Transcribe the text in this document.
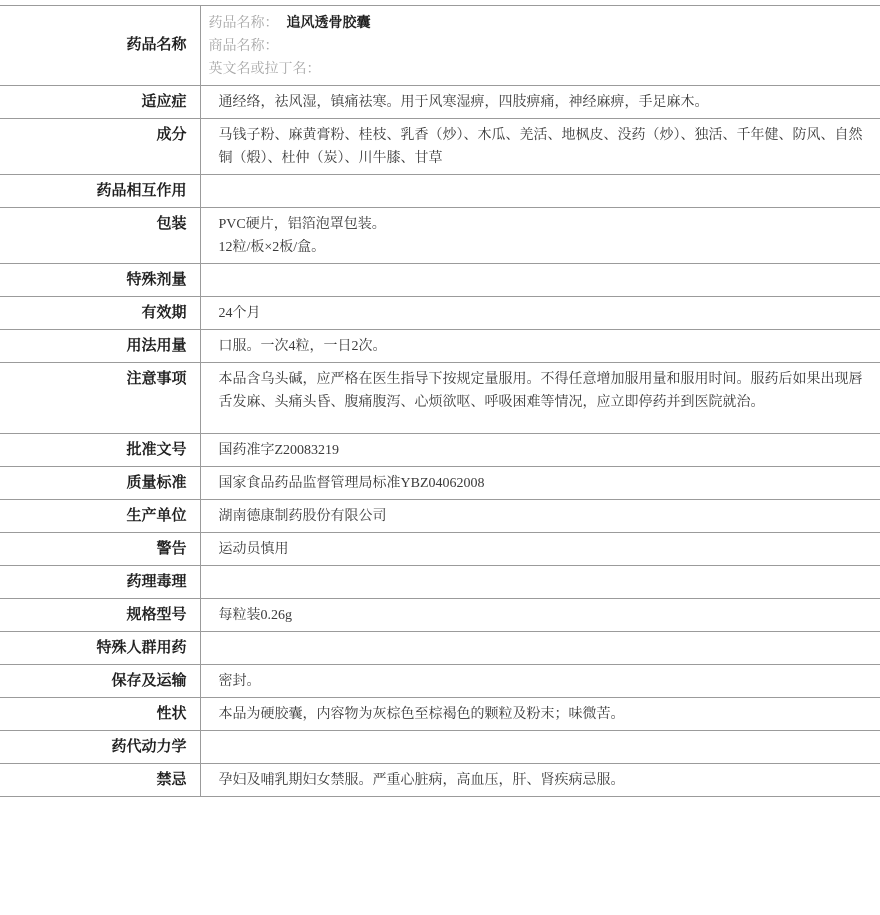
药品名称	药品名称： 追风透骨胶囊
商品名称：
英文名或拉丁名：

适应症	通经络，祛风湿，镇痛祛寒。用于风寒湿痹，四肢痹痛，神经麻痹，手足麻木。
成分	马钱子粉、麻黄膏粉、桂枝、乳香（炒）、木瓜、羌活、地枫皮、没药（炒）、独活、千年健、防风、自然铜（煅）、杜仲（炭）、川牛膝、甘草
药品相互作用	
包装	PVC硬片，铝箔泡罩包装。
12粒/板×2板/盒。

特殊剂量	
有效期	24个月
用法用量	口服。一次4粒，一日2次。
注意事项	本品含乌头碱，应严格在医生指导下按规定量服用。不得任意增加服用量和服用时间。服药后如果出现唇舌发麻、头痛头昏、腹痛腹泻、心烦欲呕、呼吸困难等情况，应立即停药并到医院就治。
批准文号	国药准字Z20083219
质量标准	国家食品药品监督管理局标准YBZ04062008
生产单位	湖南德康制药股份有限公司
警告	运动员慎用
药理毒理	
规格型号	每粒装0.26g
特殊人群用药	
保存及运输	密封。
性状	本品为硬胶囊，内容物为灰棕色至棕褐色的颗粒及粉末；味微苦。
药代动力学	
禁忌	孕妇及哺乳期妇女禁服。严重心脏病，高血压，肝、肾疾病忌服。
